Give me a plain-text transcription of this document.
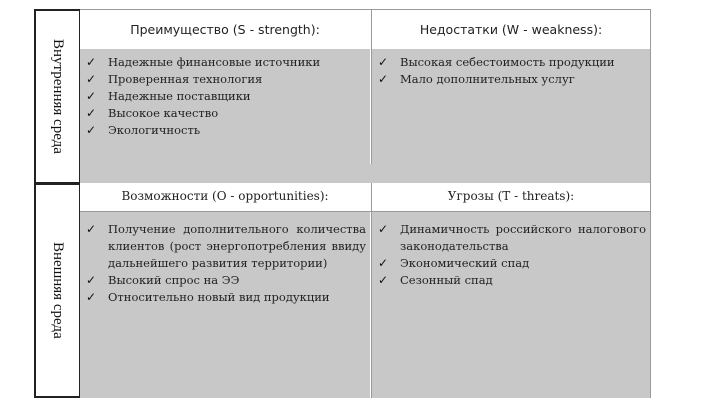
Внутренняя среда
Внешняя среда
Преимущество (S - strength):
✓ Надежные финансовые источники
✓ Проверенная технология
✓ Надежные поставщики
✓ Высокое качество
✓ Экологичность
Недостатки (W - weakness):
✓ Высокая себестоимость продукции
✓ Мало дополнительных услуг
Возможности (O - opportunities):
✓ Получение дополнительного количества клиентов (рост энергопотребления ввиду дальнейшего развития территории)
✓ Высокий спрос на ЭЭ
✓ Относительно новый вид продукции
Угрозы (T - threats):
✓ Динамичность российского налогового законодательства
✓ Экономический спад
✓ Сезонный спад
